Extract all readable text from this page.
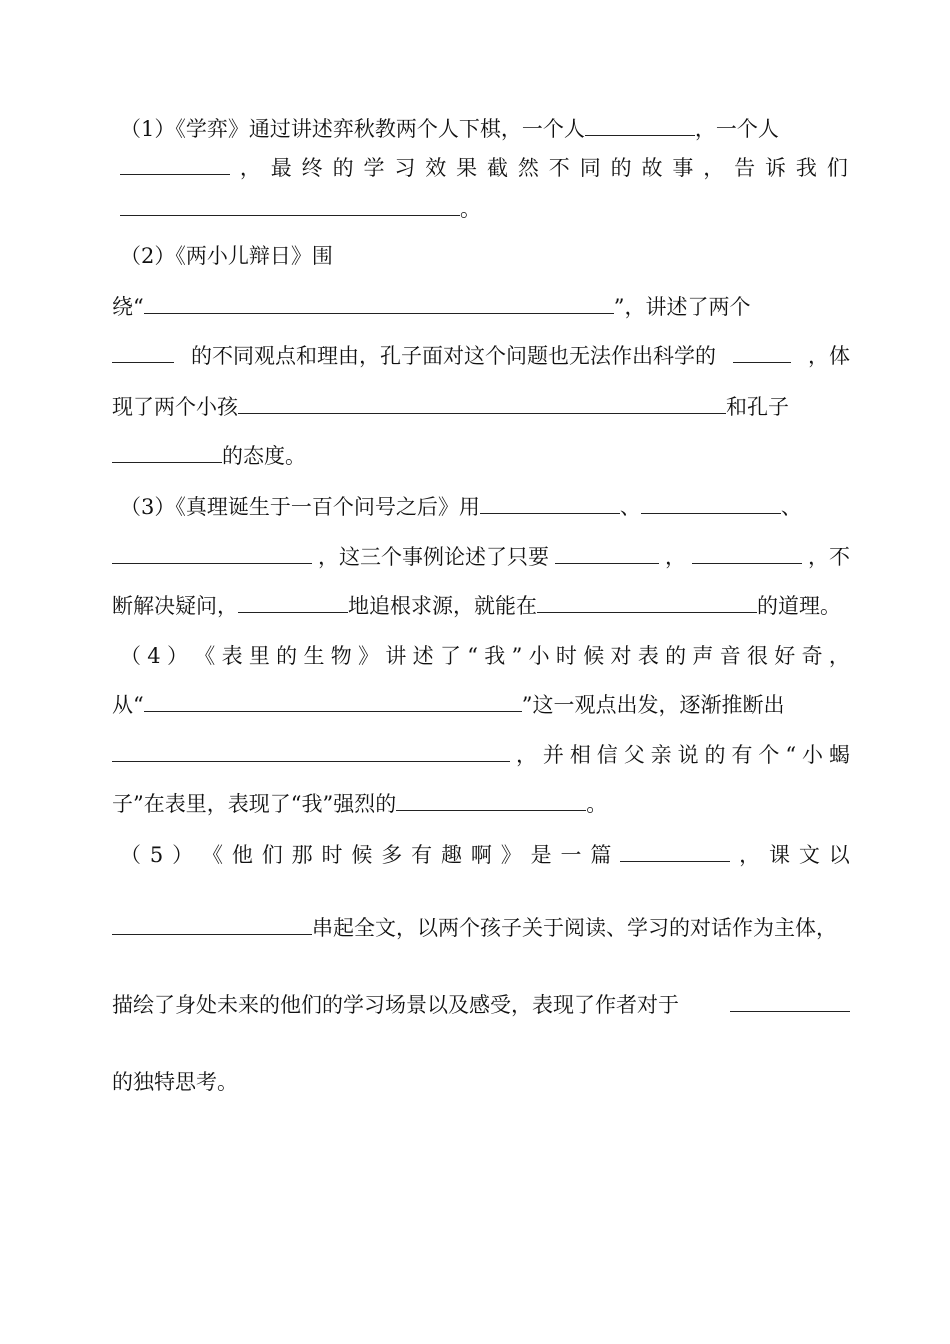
（1）《学弈》通过讲述弈秋教两个人下棋，一个人	，一个人
， 最 终 的 学 习 效 果 截 然 不 同 的 故 事 ， 告 诉 我 们
。
（2）《两小儿辩日》围
绕“	”，讲述了两个
的不同观点和理由，孔子面对这个问题也无法作出科学的	，体
现了两个小孩	和孔子
的态度。
（3）《真理诞生于一百个问号之后》用	、	、
，这三个事例论述了只要	，	，不
断解决疑问，	地追根求源，就能在	的道理。
（ 4 ） 《 表 里 的 生 物 》 讲 述 了 “ 我 ” 小 时 候 对 表 的 声 音 很 好 奇 ，
从“	”这一观点出发，逐渐推断出
， 并 相 信 父 亲 说 的 有 个 “ 小 蝎
子”在表里，表现了“我”强烈的	。
（ 5 ） 《 他 们 那 时 候 多 有 趣 啊 》 是 一 篇	， 课 文 以
串起全文，以两个孩子关于阅读、学习的对话作为主体，
描绘了身处未来的他们的学习场景以及感受，表现了作者对于
的独特思考。
